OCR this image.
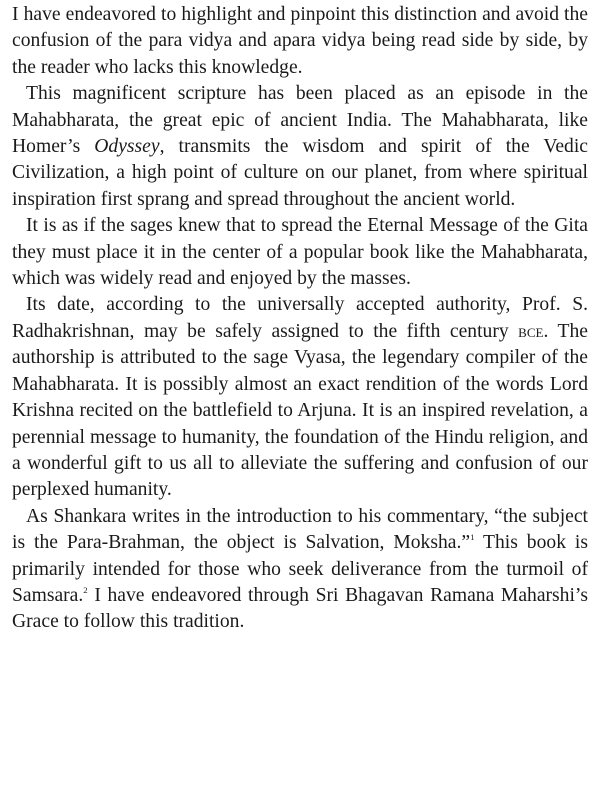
I have endeavored to highlight and pinpoint this distinction and avoid the confusion of the para vidya and apara vidya being read side by side, by the reader who lacks this knowledge.

This magnificent scripture has been placed as an episode in the Mahabharata, the great epic of ancient India. The Mahabharata, like Homer’s Odyssey, transmits the wisdom and spirit of the Vedic Civilization, a high point of culture on our planet, from where spiritual inspiration first sprang and spread throughout the ancient world.

It is as if the sages knew that to spread the Eternal Message of the Gita they must place it in the center of a popular book like the Mahabharata, which was widely read and enjoyed by the masses.

Its date, according to the universally accepted authority, Prof. S. Radhakrishnan, may be safely assigned to the fifth century bce. The authorship is attributed to the sage Vyasa, the legendary compiler of the Mahabharata. It is possibly almost an exact rendition of the words Lord Krishna recited on the battlefield to Arjuna. It is an inspired revelation, a perennial message to humanity, the foundation of the Hindu religion, and a wonderful gift to us all to alleviate the suffering and confusion of our perplexed humanity.

As Shankara writes in the introduction to his commentary, “the subject is the Para-Brahman, the object is Salvation, Moksha.”$^1$ This book is primarily intended for those who seek deliverance from the turmoil of Samsara.$^2$ I have endeavored through Sri Bhagavan Ramana Maharshi’s Grace to follow this tradition.
